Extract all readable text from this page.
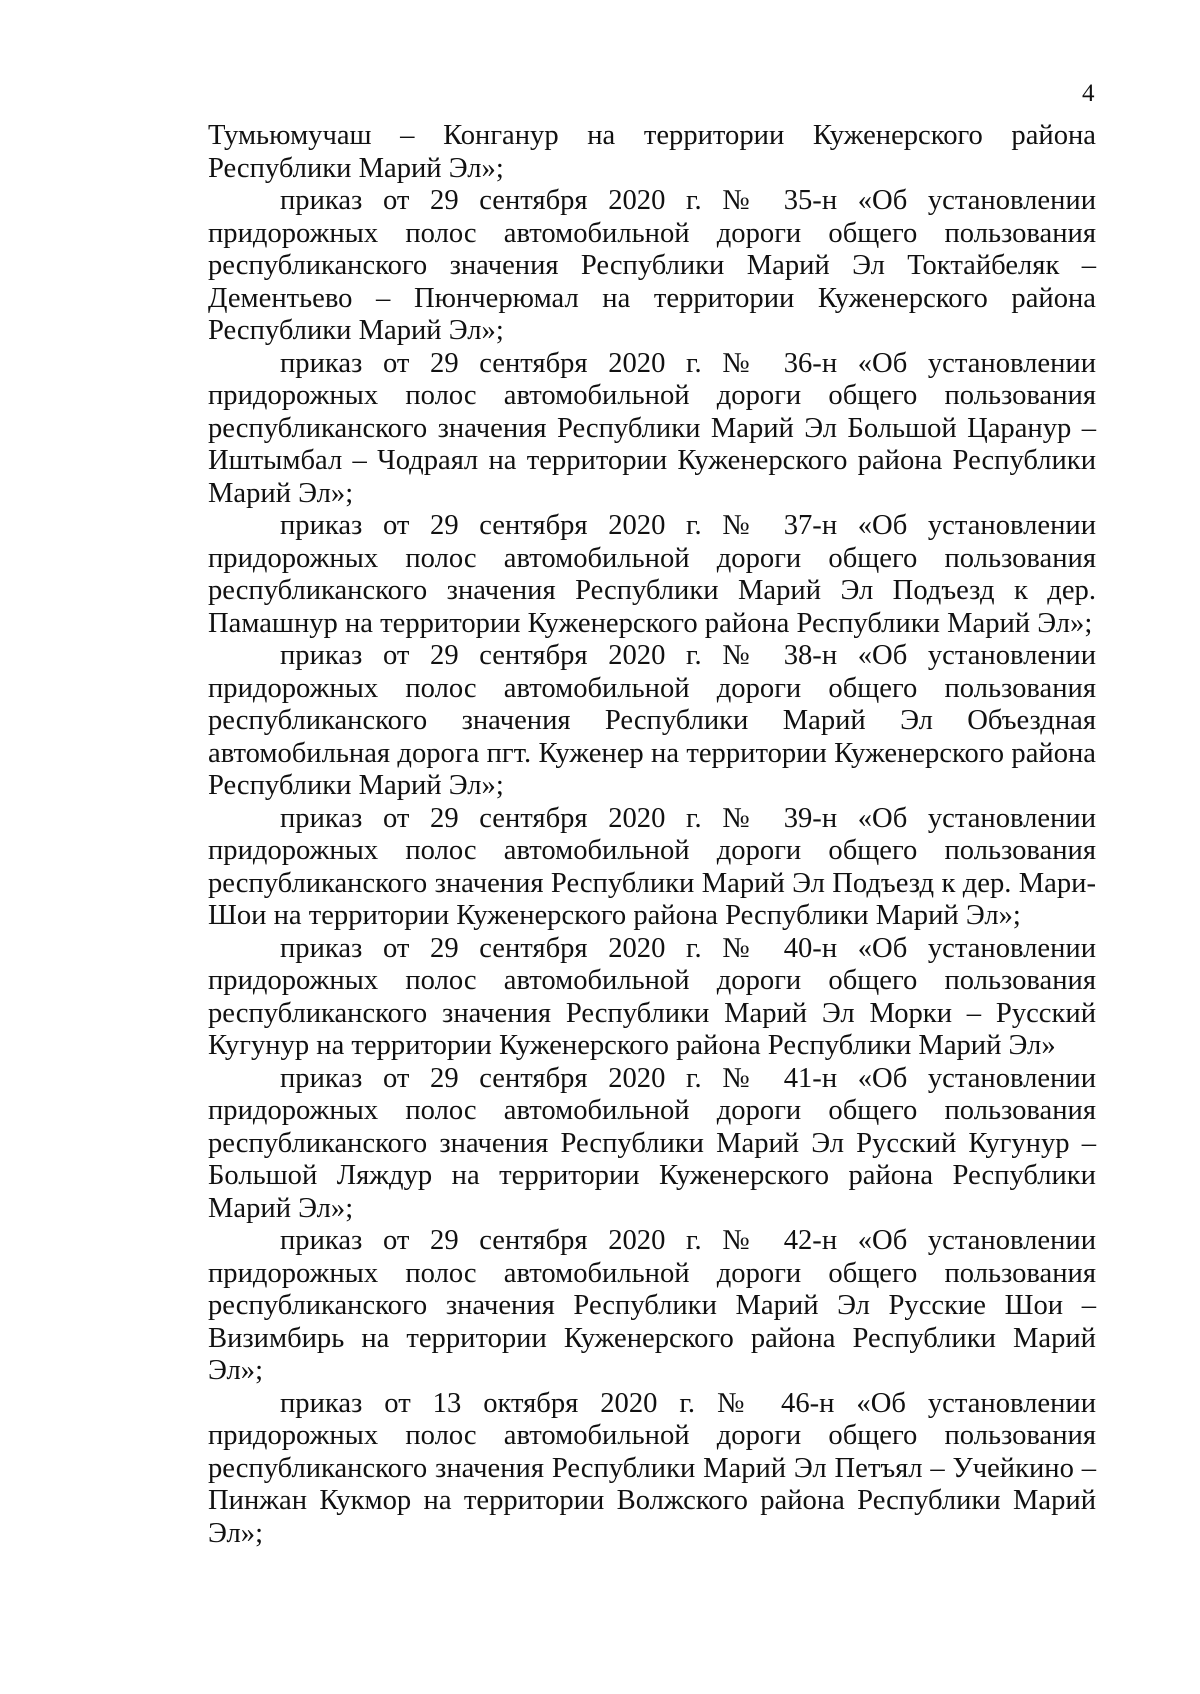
4

Тумьюмучаш – Конганур на территории Куженерского района Республики Марий Эл»;

приказ от 29 сентября 2020 г. № 35-н «Об установлении придорожных полос автомобильной дороги общего пользования республиканского значения Республики Марий Эл Токтайбеляк – Дементьево – Пюнчерюмал на территории Куженерского района Республики Марий Эл»;

приказ от 29 сентября 2020 г. № 36-н «Об установлении придорожных полос автомобильной дороги общего пользования республиканского значения Республики Марий Эл Большой Царанур – Иштымбал – Чодраял на территории Куженерского района Республики Марий Эл»;

приказ от 29 сентября 2020 г. № 37-н «Об установлении придорожных полос автомобильной дороги общего пользования республиканского значения Республики Марий Эл Подъезд к дер. Памашнур на территории Куженерского района Республики Марий Эл»;

приказ от 29 сентября 2020 г. № 38-н «Об установлении придорожных полос автомобильной дороги общего пользования республиканского значения Республики Марий Эл Объездная автомобильная дорога пгт. Куженер на территории Куженерского района Республики Марий Эл»;

приказ от 29 сентября 2020 г. № 39-н «Об установлении придорожных полос автомобильной дороги общего пользования республиканского значения Республики Марий Эл Подъезд к дер. Мари-Шои на территории Куженерского района Республики Марий Эл»;

приказ от 29 сентября 2020 г. № 40-н «Об установлении придорожных полос автомобильной дороги общего пользования республиканского значения Республики Марий Эл Морки – Русский Кугунур на территории Куженерского района Республики Марий Эл»

приказ от 29 сентября 2020 г. № 41-н «Об установлении придорожных полос автомобильной дороги общего пользования республиканского значения Республики Марий Эл Русский Кугунур – Большой Ляждур на территории Куженерского района Республики Марий Эл»;

приказ от 29 сентября 2020 г. № 42-н «Об установлении придорожных полос автомобильной дороги общего пользования республиканского значения Республики Марий Эл Русские Шои – Визимбирь на территории Куженерского района Республики Марий Эл»;

приказ от 13 октября 2020 г. № 46-н «Об установлении придорожных полос автомобильной дороги общего пользования республиканского значения Республики Марий Эл Петъял – Учейкино – Пинжан Кукмор на территории Волжского района Республики Марий Эл»;
